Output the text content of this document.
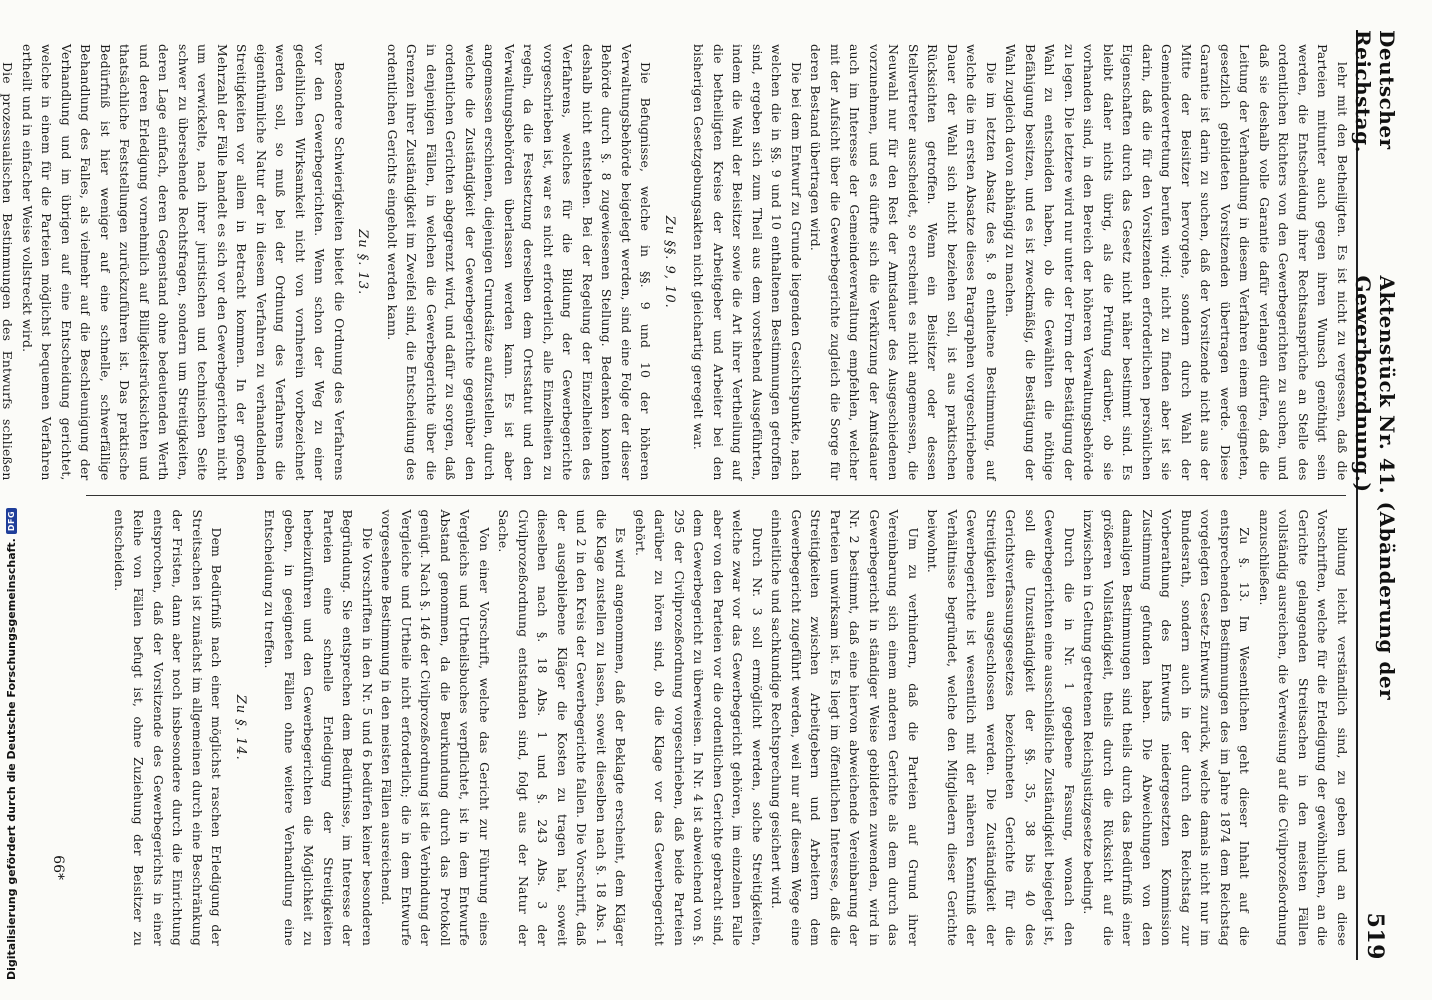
Deutscher Reichstag.
Aktenstück Nr. 41. (Abänderung der Gewerbeordnung.)
519

lehr mit den Betheiligten. Es ist nicht zu vergessen, daß die Parteien mitunter auch gegen ihren Wunsch genöthigt sein werden, die Entscheidung ihrer Rechtsansprüche an Stelle des ordentlichen Richters von den Gewerbegerichten zu suchen, und daß sie deshalb volle Garantie dafür verlangen dürfen, daß die Leitung der Verhandlung in diesem Verfahren einem geeigneten, gesetzlich gebildeten Vorsitzenden übertragen werde. Diese Garantie ist darin zu suchen, daß der Vorsitzende nicht aus der Mitte der Beisitzer hervorgehe, sondern durch Wahl der Gemeindevertretung berufen wird; nicht zu finden aber ist sie darin, daß die für den Vorsitzenden erforderlichen persönlichen Eigenschaften durch das Gesetz nicht näher bestimmt sind. Es bleibt daher nichts übrig, als die Prüfung darüber, ob sie vorhanden sind, in den Bereich der höheren Verwaltungsbehörde zu legen. Die letztere wird nur unter der Form der Bestätigung der Wahl zu entscheiden haben, ob die Gewählten die nöthige Befähigung besitzen, und es ist zweckmäßig, die Bestätigung der Wahl zugleich davon abhängig zu machen.

Die im letzten Absatz des §. 8 enthaltene Bestimmung, auf welche die im ersten Absatze dieses Paragraphen vorgeschriebene Dauer der Wahl sich nicht beziehen soll, ist aus praktischen Rücksichten getroffen. Wenn ein Beisitzer oder dessen Stellvertreter ausscheidet, so erscheint es nicht angemessen, die Neuwahl nur für den Rest der Amtsdauer des Ausgeschiedenen vorzunehmen, und es dürfte sich die Verkürzung der Amtsdauer auch im Interesse der Gemeindeverwaltung empfehlen, welcher mit der Aufsicht über die Gewerbegerichte zugleich die Sorge für deren Bestand übertragen wird.

Die bei dem Entwurf zu Grunde liegenden Gesichtspunkte, nach welchen die in §§. 9 und 10 enthaltenen Bestimmungen getroffen sind, ergeben sich zum Theil aus dem vorstehend Ausgeführten, indem die Wahl der Beisitzer sowie die Art ihrer Vertheilung auf die betheiligten Kreise der Arbeitgeber und Arbeiter bei den bisherigen Gesetzgebungsakten nicht gleichartig geregelt war.

Zu §§. 9, 10.

Die Befugnisse, welche in §§. 9 und 10 der höheren Verwaltungsbehörde beigelegt werden, sind eine Folge der dieser Behörde durch §. 8 zugewiesenen Stellung. Bedenken konnten deshalb nicht entstehen. Bei der Regelung der Einzelheiten des Verfahrens, welches für die Bildung der Gewerbegerichte vorgeschrieben ist, war es nicht erforderlich, alle Einzelheiten zu regeln, da die Festsetzung derselben dem Ortsstatut und den Verwaltungsbehörden überlassen werden kann. Es ist aber angemessen erschienen, diejenigen Grundsätze aufzustellen, durch welche die Zuständigkeit der Gewerbegerichte gegenüber den ordentlichen Gerichten abgegrenzt wird, und dafür zu sorgen, daß in denjenigen Fällen, in welchen die Gewerbegerichte über die Grenzen ihrer Zuständigkeit im Zweifel sind, die Entscheidung des ordentlichen Gerichts eingeholt werden kann.

Zu §. 13.

Besondere Schwierigkeiten bietet die Ordnung des Verfahrens vor den Gewerbegerichten. Wenn schon der Weg zu einer gedeihlichen Wirksamkeit nicht von vornherein vorbezeichnet werden soll, so muß bei der Ordnung des Verfahrens die eigenthümliche Natur der in diesem Verfahren zu verhandelnden Streitigkeiten vor allem in Betracht kommen. In der großen Mehrzahl der Fälle handelt es sich vor den Gewerbegerichten nicht um verwickelte, nach ihrer juristischen und technischen Seite schwer zu übersehende Rechtsfragen, sondern um Streitigkeiten, deren Lage einfach, deren Gegenstand ohne bedeutenden Werth und deren Erledigung vornehmlich auf Billigkeitsrücksichten und thatsächliche Feststellungen zurückzuführen ist. Das praktische Bedürfniß ist hier weniger auf eine schnelle, schwerfällige Behandlung des Falles, als vielmehr auf die Beschleunigung der Verhandlung und im übrigen auf eine Entscheidung gerichtet, welche in einem für die Parteien möglichst bequemen Verfahren ertheilt und in einfacher Weise vollstreckt wird.

Die prozessualischen Bestimmungen des Entwurfs schließen

bildung leicht verständlich sind, zu geben und an diese Vorschriften, welche für die Erledigung der gewöhnlichen, an die Gerichte gelangenden Streitsachen in den meisten Fällen vollständig ausreichen, die Verweisung auf die Civilprozeßordnung anzuschließen.

Zu §. 13. Im Wesentlichen geht dieser Inhalt auf die entsprechenden Bestimmungen des im Jahre 1874 dem Reichstag vorgelegten Gesetz-Entwurfs zurück, welche damals nicht nur im Bundesrath, sondern auch in der durch den Reichstag zur Vorberathung des Entwurfs niedergesetzten Kommission Zustimmung gefunden haben. Die Abweichungen von den damaligen Bestimmungen sind theils durch das Bedürfniß einer größeren Vollständigkeit, theils durch die Rücksicht auf die inzwischen in Geltung getretenen Reichsjustizgesetze bedingt.

Durch die in Nr. 1 gegebene Fassung, wonach den Gewerbegerichten eine ausschließliche Zuständigkeit beigelegt ist, soll die Unzuständigkeit der §§. 35, 38 bis 40 des Gerichtsverfassungsgesetzes bezeichneten Gerichte für die Streitigkeiten ausgeschlossen werden. Die Zuständigkeit der Gewerbegerichte ist wesentlich mit der näheren Kenntniß der Verhältnisse begründet, welche den Mitgliedern dieser Gerichte beiwohnt.

Um zu verhindern, daß die Parteien auf Grund ihrer Vereinbarung sich einem anderen Gerichte als dem durch das Gewerbegericht in ständiger Weise gebildeten zuwenden, wird in Nr. 2 bestimmt, daß eine hiervon abweichende Vereinbarung der Parteien unwirksam ist. Es liegt im öffentlichen Interesse, daß die Streitigkeiten zwischen Arbeitgebern und Arbeitern dem Gewerbegericht zugeführt werden, weil nur auf diesem Wege eine einheitliche und sachkundige Rechtsprechung gesichert wird.

Durch Nr. 3 soll ermöglicht werden, solche Streitigkeiten, welche zwar vor das Gewerbegericht gehören, im einzelnen Falle aber von den Parteien vor die ordentlichen Gerichte gebracht sind, dem Gewerbegericht zu überweisen. In Nr. 4 ist abweichend von §. 295 der Civilprozeßordnung vorgeschrieben, daß beide Parteien darüber zu hören sind, ob die Klage vor das Gewerbegericht gehört.

Es wird angenommen, daß der Beklagte erscheint, dem Kläger die Klage zustellen zu lassen, soweit dieselben nach §. 18 Abs. 1 und 2 in den Kreis der Gewerbegerichte fallen. Die Vorschrift, daß der ausgebliebene Kläger die Kosten zu tragen hat, soweit dieselben nach §. 18 Abs. 1 und §. 243 Abs. 3 der Civilprozeßordnung entstanden sind, folgt aus der Natur der Sache.

Von einer Vorschrift, welche das Gericht zur Führung eines Vergleichs und Urtheilsbuches verpflichtet, ist in dem Entwurfe Abstand genommen, da die Beurkundung durch das Protokoll genügt. Nach §. 146 der Civilprozeßordnung ist die Verbindung der Vergleiche und Urtheile nicht erforderlich; die in dem Entwurfe vorgesehene Bestimmung in den meisten Fällen ausreichend.

Die Vorschriften in den Nr. 5 und 6 bedürfen keiner besonderen Begründung. Sie entsprechen dem Bedürfnisse, im Interesse der Parteien eine schnelle Erledigung der Streitigkeiten herbeizuführen und den Gewerbegerichten die Möglichkeit zu geben, in geeigneten Fällen ohne weitere Verhandlung eine Entscheidung zu treffen.

Zu §. 14.

Dem Bedürfniß nach einer möglichst raschen Erledigung der Streitsachen ist zunächst im allgemeinen durch eine Beschränkung der Fristen, dann aber noch insbesondere durch die Einrichtung entsprochen, daß der Vorsitzende des Gewerbegerichts in einer Reihe von Fällen befugt ist, ohne Zuziehung der Beisitzer zu entscheiden.

66*
Digitalisierung gefördert durch die Deutsche Forschungsgemeinschaft.
DFG
